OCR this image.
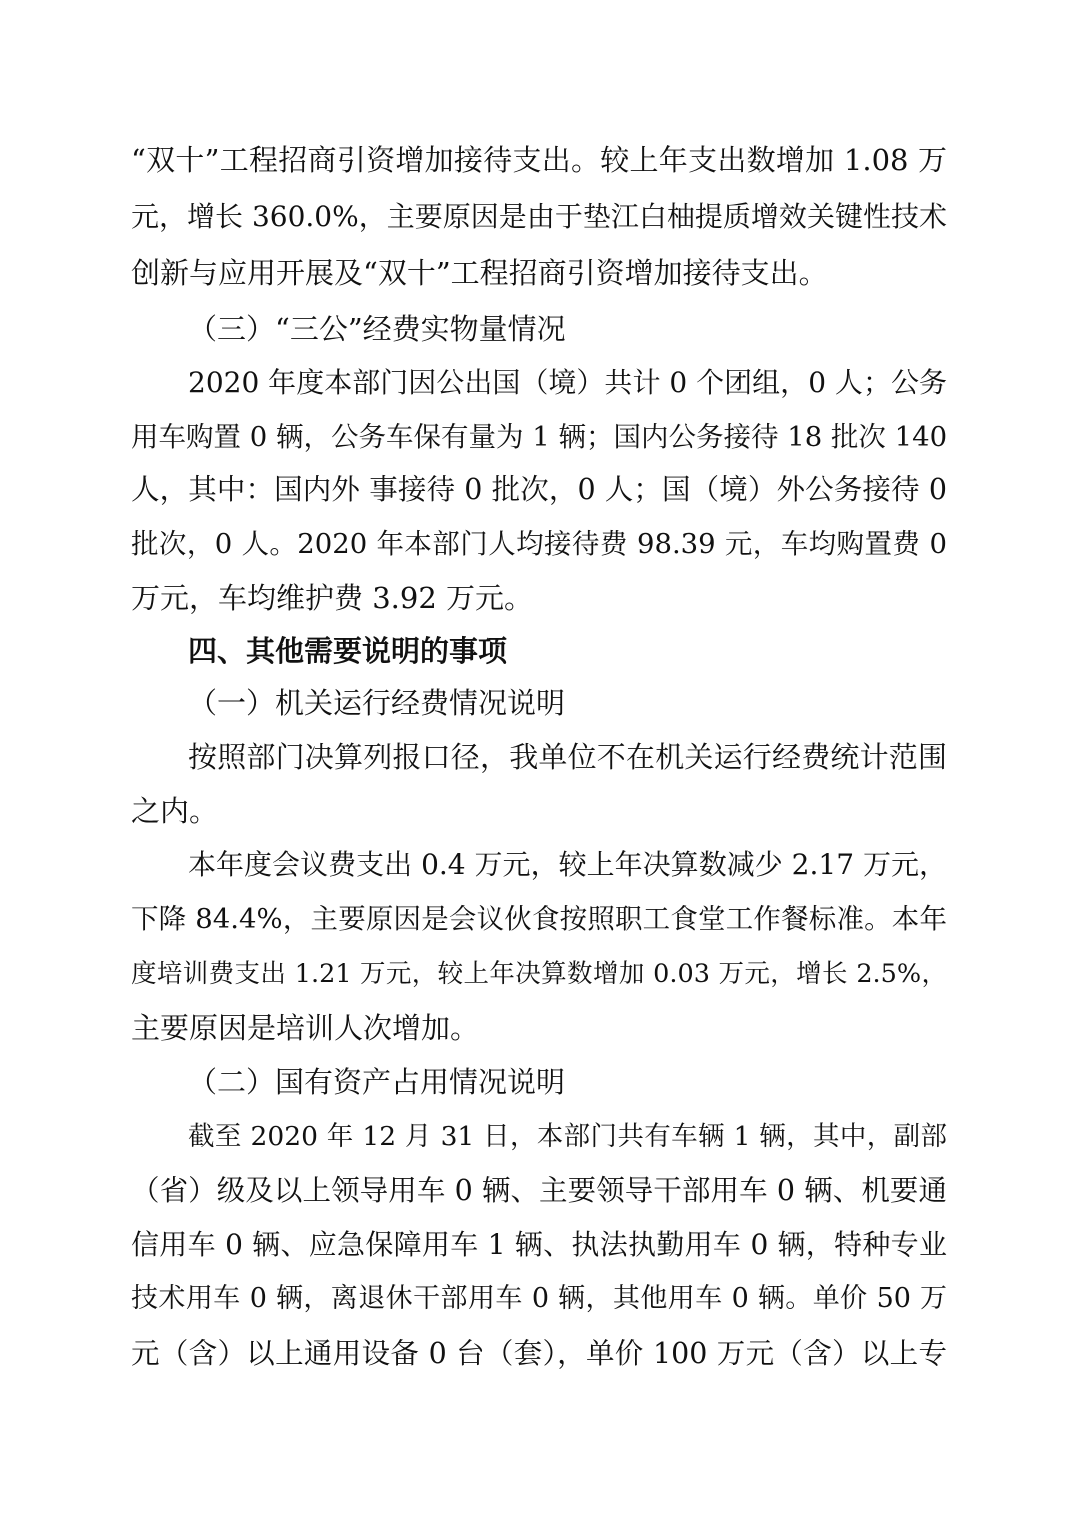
“双十”工程招商引资增加接待支出。较上年支出数增加 1.08 万
元，增长 360.0%，主要原因是由于垫江白柚提质增效关键性技术
创新与应用开展及“双十”工程招商引资增加接待支出。
（三）“三公”经费实物量情况
2020 年度本部门因公出国（境）共计 0 个团组，0 人；公务
用车购置 0 辆，公务车保有量为 1 辆；国内公务接待 18 批次 140
人，其中：国内外 事接待 0 批次，0 人；国（境）外公务接待 0
批次，0 人。2020 年本部门人均接待费 98.39 元，车均购置费 0
万元，车均维护费 3.92 万元。
四、其他需要说明的事项
（一）机关运行经费情况说明
按照部门决算列报口径，我单位不在机关运行经费统计范围
之内。
本年度会议费支出 0.4 万元，较上年决算数减少 2.17 万元，
下降 84.4%，主要原因是会议伙食按照职工食堂工作餐标准。本年
度培训费支出 1.21 万元，较上年决算数增加 0.03 万元，增长 2.5%，
主要原因是培训人次增加。
（二）国有资产占用情况说明
截至 2020 年 12 月 31 日，本部门共有车辆 1 辆，其中，副部
（省）级及以上领导用车 0 辆、主要领导干部用车 0 辆、机要通
信用车 0 辆、应急保障用车 1 辆、执法执勤用车 0 辆，特种专业
技术用车 0 辆，离退休干部用车 0 辆，其他用车 0 辆。单价 50 万
元（含）以上通用设备 0 台（套），单价 100 万元（含）以上专
